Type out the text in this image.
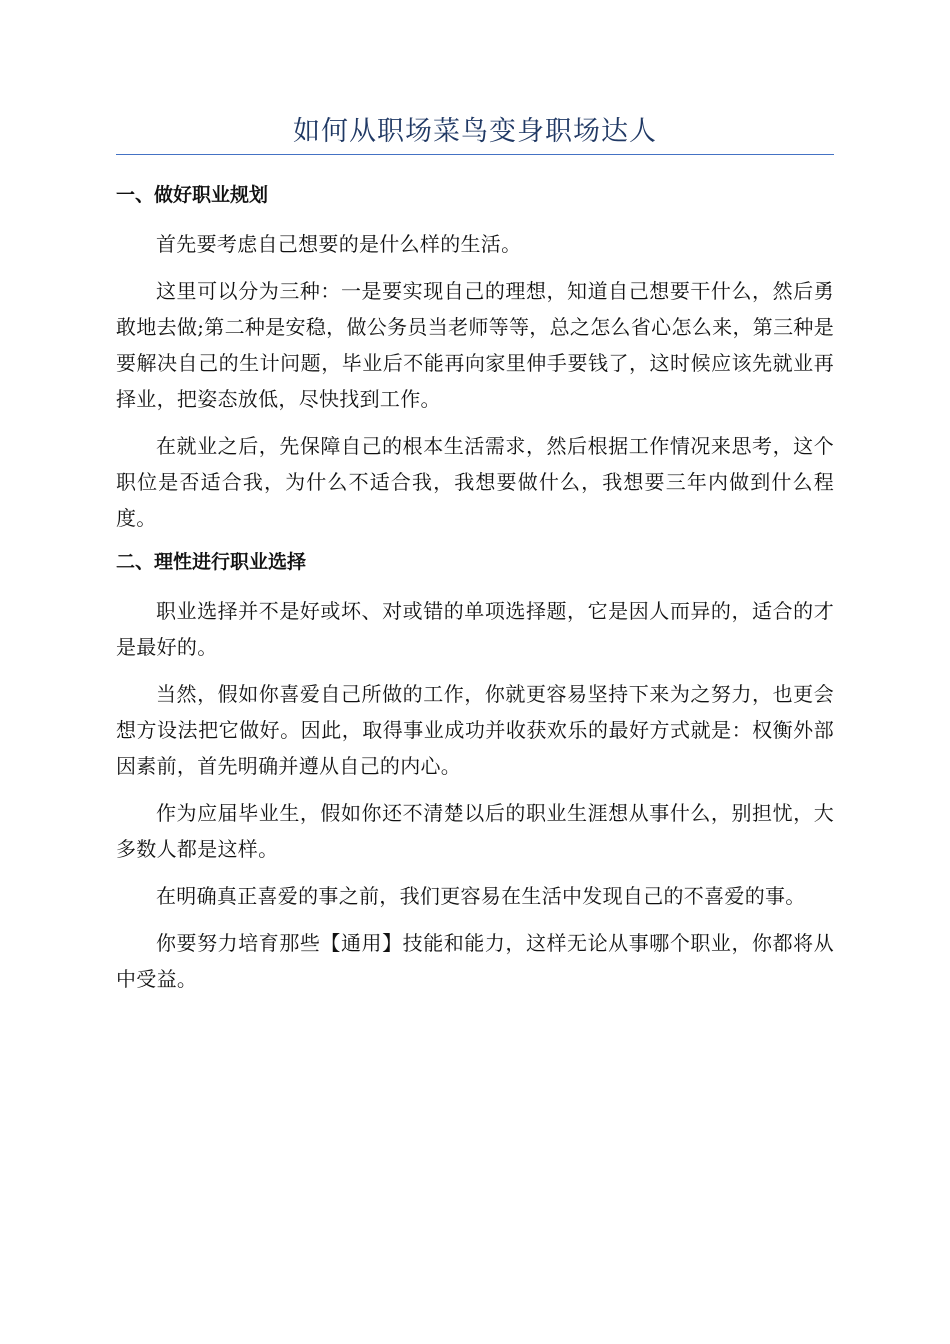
如何从职场菜鸟变身职场达人
一、做好职业规划

首先要考虑自己想要的是什么样的生活。

这里可以分为三种：一是要实现自己的理想，知道自己想要干什么，然后勇敢地去做;第二种是安稳，做公务员当老师等等，总之怎么省心怎么来，第三种是要解决自己的生计问题，毕业后不能再向家里伸手要钱了，这时候应该先就业再择业，把姿态放低，尽快找到工作。

在就业之后，先保障自己的根本生活需求，然后根据工作情况来思考，这个职位是否适合我，为什么不适合我，我想要做什么，我想要三年内做到什么程度。

二、理性进行职业选择

职业选择并不是好或坏、对或错的单项选择题，它是因人而异的，适合的才是最好的。

当然，假如你喜爱自己所做的工作，你就更容易坚持下来为之努力，也更会想方设法把它做好。因此，取得事业成功并收获欢乐的最好方式就是：权衡外部因素前，首先明确并遵从自己的内心。

作为应届毕业生，假如你还不清楚以后的职业生涯想从事什么，别担忧，大多数人都是这样。

在明确真正喜爱的事之前，我们更容易在生活中发现自己的不喜爱的事。

你要努力培育那些【通用】技能和能力，这样无论从事哪个职业，你都将从中受益。
